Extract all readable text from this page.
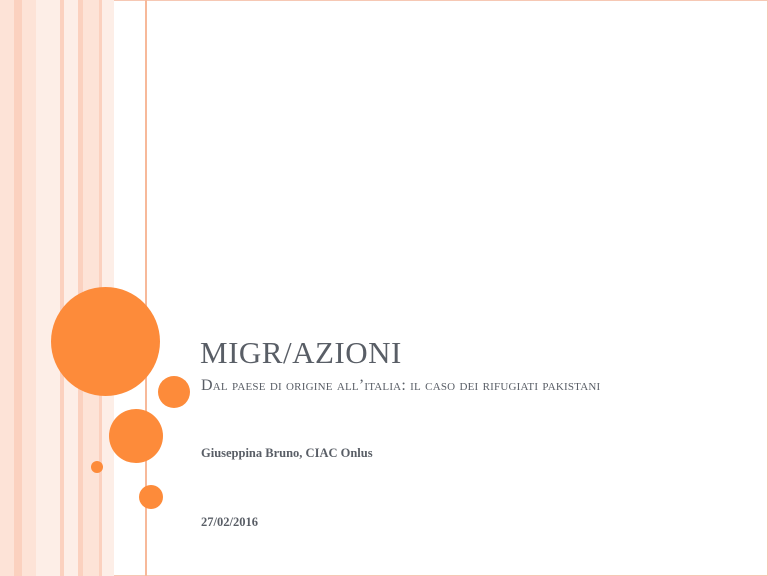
MIGR/AZIONI
Dal paese di origine all’italia: il caso dei rifugiati pakistani
Giuseppina Bruno, CIAC Onlus
27/02/2016
